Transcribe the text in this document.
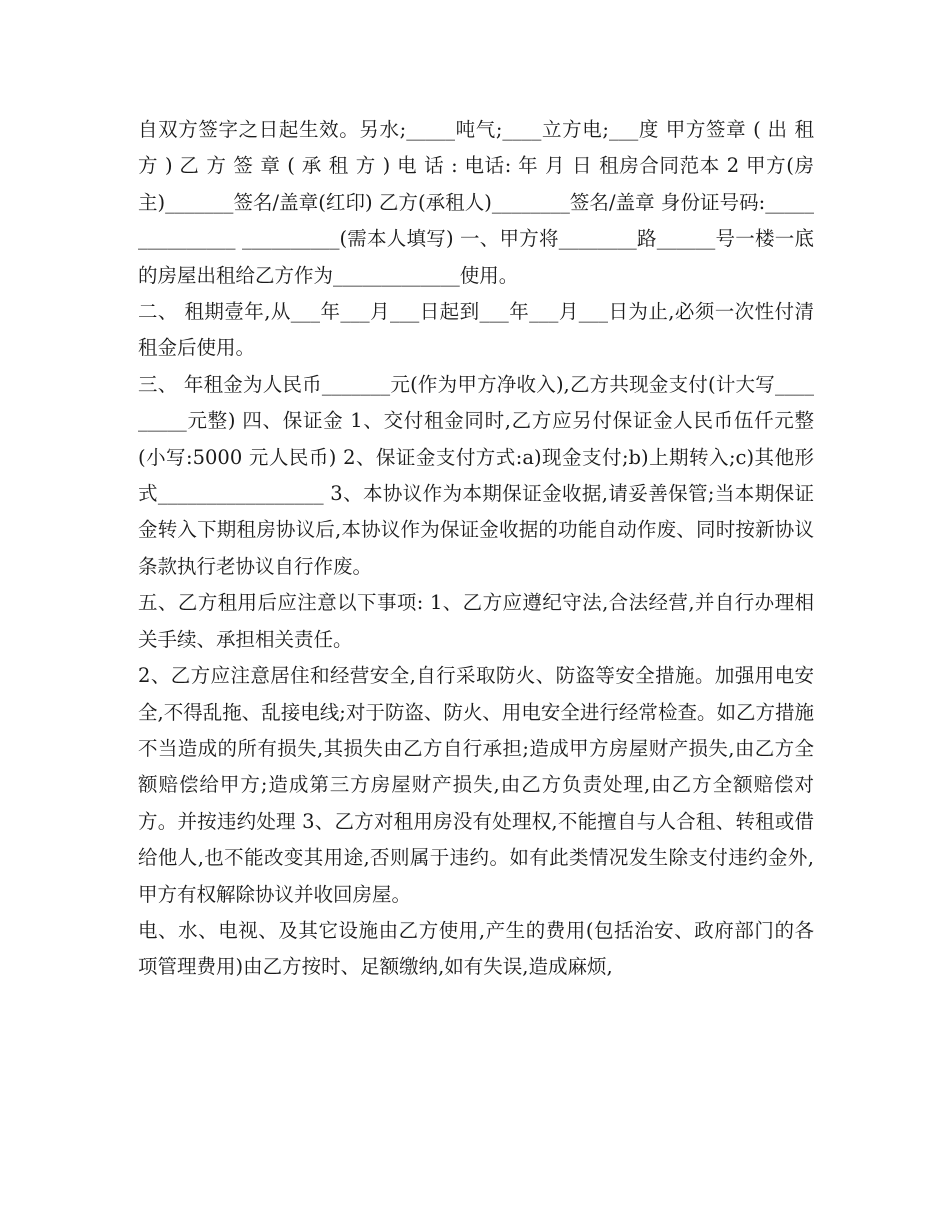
自双方签字之日起生效。另水;_____吨气;____立方电;___度 甲方签章 ( 出 租 方 ) 乙 方 签 章 ( 承 租 方 ) 电 话 : 电话: 年 月 日 租房合同范本 2 甲方(房 主)_______签名/盖章(红印) 乙方(承租人)________签名/盖章 身份证号码:_______________ __________(需本人填写) 一、甲方将________路______号一楼一底的房屋出租给乙方作为_____________使用。

二、 租期壹年,从___年___月___日起到___年___月___日为止,必须一次性付清租金后使用。

三、 年租金为人民币_______元(作为甲方净收入),乙方共现金支付(计大写_________元整) 四、保证金 1、交付租金同时,乙方应另付保证金人民币伍仟元整(小写:5000 元人民币) 2、保证金支付方式:a)现金支付;b)上期转入;c)其他形式_________________ 3、本协议作为本期保证金收据,请妥善保管;当本期保证金转入下期租房协议后,本协议作为保证金收据的功能自动作废、同时按新协议条款执行老协议自行作废。

五、乙方租用后应注意以下事项: 1、乙方应遵纪守法,合法经营,并自行办理相关手续、承担相关责任。

2、乙方应注意居住和经营安全,自行采取防火、防盗等安全措施。加强用电安全,不得乱拖、乱接电线;对于防盗、防火、用电安全进行经常检查。如乙方措施不当造成的所有损失,其损失由乙方自行承担;造成甲方房屋财产损失,由乙方全额赔偿给甲方;造成第三方房屋财产损失,由乙方负责处理,由乙方全额赔偿对方。并按违约处理 3、乙方对租用房没有处理权,不能擅自与人合租、转租或借给他人,也不能改变其用途,否则属于违约。如有此类情况发生除支付违约金外,甲方有权解除协议并收回房屋。

电、水、电视、及其它设施由乙方使用,产生的费用(包括治安、政府部门的各项管理费用)由乙方按时、足额缴纳,如有失误,造成麻烦,
